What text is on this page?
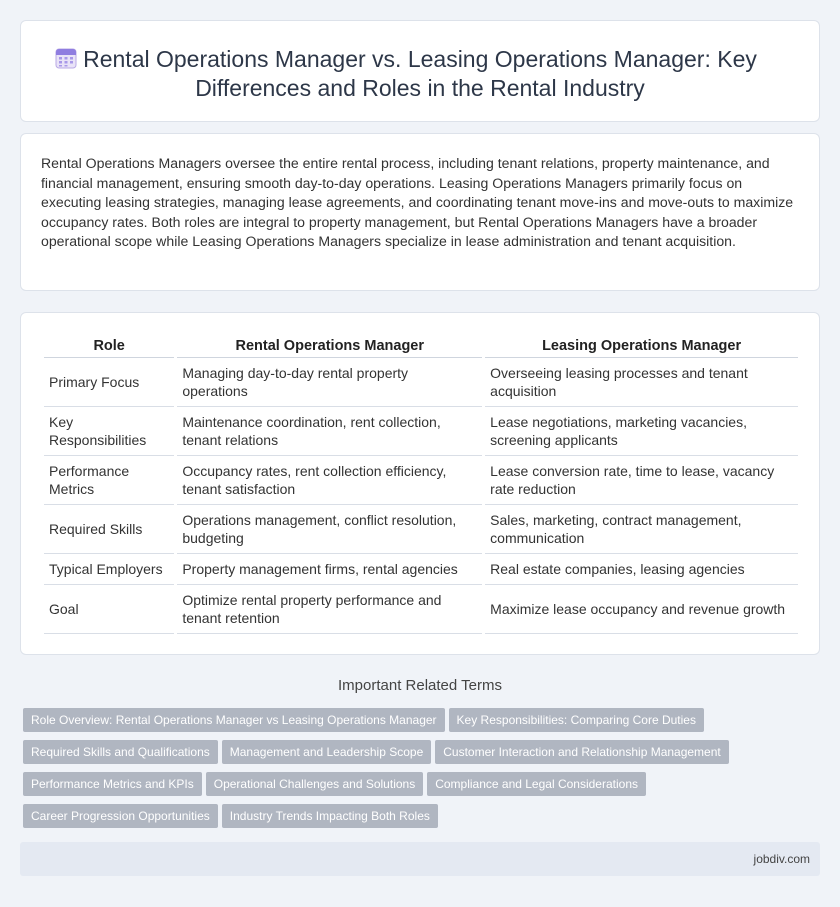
Rental Operations Manager vs. Leasing Operations Manager: Key Differences and Roles in the Rental Industry

Rental Operations Managers oversee the entire rental process, including tenant relations, property maintenance, and financial management, ensuring smooth day-to-day operations. Leasing Operations Managers primarily focus on executing leasing strategies, managing lease agreements, and coordinating tenant move-ins and move-outs to maximize occupancy rates. Both roles are integral to property management, but Rental Operations Managers have a broader operational scope while Leasing Operations Managers specialize in lease administration and tenant acquisition.

Role	Rental Operations Manager	Leasing Operations Manager
Primary Focus	Managing day-to-day rental property operations	Overseeing leasing processes and tenant acquisition
Key Responsibilities	Maintenance coordination, rent collection, tenant relations	Lease negotiations, marketing vacancies, screening applicants
Performance Metrics	Occupancy rates, rent collection efficiency, tenant satisfaction	Lease conversion rate, time to lease, vacancy rate reduction
Required Skills	Operations management, conflict resolution, budgeting	Sales, marketing, contract management, communication
Typical Employers	Property management firms, rental agencies	Real estate companies, leasing agencies
Goal	Optimize rental property performance and tenant retention	Maximize lease occupancy and revenue growth
Important Related Terms
Role Overview: Rental Operations Manager vs Leasing Operations Manager Key Responsibilities: Comparing Core Duties
Required Skills and Qualifications Management and Leadership Scope Customer Interaction and Relationship Management
Performance Metrics and KPIs Operational Challenges and Solutions Compliance and Legal Considerations
Career Progression Opportunities Industry Trends Impacting Both Roles
jobdiv.com
